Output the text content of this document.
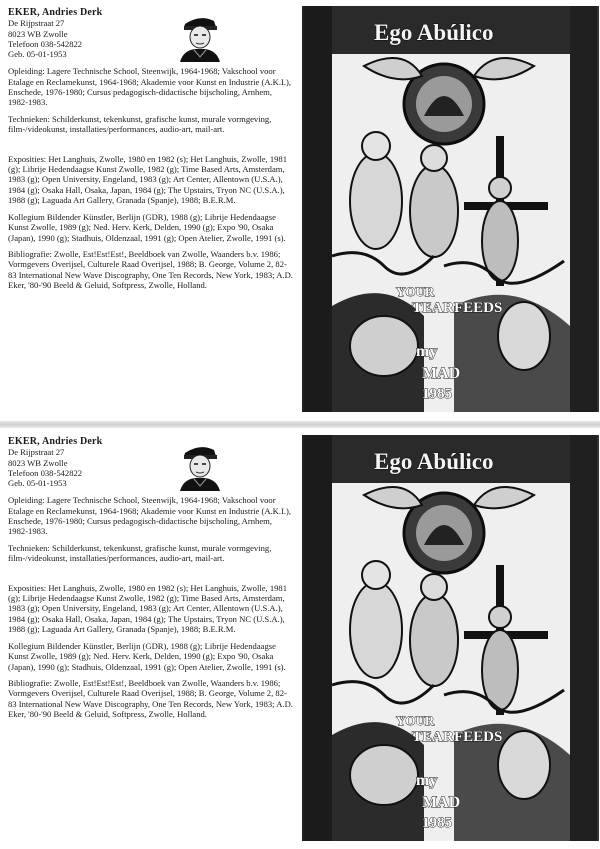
EKER, Andries Derk
De Rijpstraat 27
8023 WB Zwolle
Telefoon 038-542822
Geb. 05-01-1953
Opleiding: Lagere Technische School, Steenwijk, 1964-1968; Vakschool voor Etalage en Reclamekunst, 1964-1968; Akademie voor Kunst en Industrie (A.K.I.), Enschede, 1976-1980; Cursus pedagogisch-didactische bijscholing, Arnhem, 1982-1983.
Technieken: Schilderkunst, tekenkunst, grafische kunst, murale vormgeving, film-/videokunst, installaties/performances, audio-art, mail-art.
Exposities: Het Langhuis, Zwolle, 1980 en 1982 (s); Het Langhuis, Zwolle, 1981 (g); Librije Hedendaagse Kunst Zwolle, 1982 (g); Time Based Arts, Amsterdam, 1983 (g); Open University, Engeland, 1983 (g); Art Center, Allentown (U.S.A.), 1984 (g); Osaka Hall, Osaka, Japan, 1984 (g); The Upstairs, Tryon NC (U.S.A.), 1988 (g); Laguada Art Gallery, Granada (Spanje), 1988; B.E.R.M.
Kollegium Bildender Künstler, Berlijn (GDR), 1988 (g); Librije Hedendaagse Kunst Zwolle, 1989 (g); Ned. Herv. Kerk, Delden, 1990 (g); Expo '90, Osaka (Japan), 1990 (g); Stadhuis, Oldenzaal, 1991 (g); Open Atelier, Zwolle, 1991 (s).
Bibliografie: Zwolle, Est!Est!Est!, Beeldboek van Zwolle, Waanders b.v. 1986; Vormgevers Overijsel, Culturele Raad Overijsel, 1988; B. George, Volume 2, 82-83 International New Wave Discography, One Ten Records, New York, 1983; A.D. Eker, '80-'90 Beeld & Geluid, Softpress, Zwolle, Holland.
Ego Abúlico
YOUR
TEAR FEEDS
my
MAD
1985
EKER, Andries Derk
De Rijpstraat 27
8023 WB Zwolle
Telefoon 038-542822
Geb. 05-01-1953
Opleiding: Lagere Technische School, Steenwijk, 1964-1968; Vakschool voor Etalage en Reclamekunst, 1964-1968; Akademie voor Kunst en Industrie (A.K.I.), Enschede, 1976-1980; Cursus pedagogisch-didactische bijscholing, Arnhem, 1982-1983.
Technieken: Schilderkunst, tekenkunst, grafische kunst, murale vormgeving, film-/videokunst, installaties/performances, audio-art, mail-art.
Exposities: Het Langhuis, Zwolle, 1980 en 1982 (s); Het Langhuis, Zwolle, 1981 (g); Librije Hedendaagse Kunst Zwolle, 1982 (g); Time Based Arts, Amsterdam, 1983 (g); Open University, Engeland, 1983 (g); Art Center, Allentown (U.S.A.), 1984 (g); Osaka Hall, Osaka, Japan, 1984 (g); The Upstairs, Tryon NC (U.S.A.), 1988 (g); Laguada Art Gallery, Granada (Spanje), 1988; B.E.R.M.
Kollegium Bildender Künstler, Berlijn (GDR), 1988 (g); Librije Hedendaagse Kunst Zwolle, 1989 (g); Ned. Herv. Kerk, Delden, 1990 (g); Expo '90, Osaka (Japan), 1990 (g); Stadhuis, Oldenzaal, 1991 (g); Open Atelier, Zwolle, 1991 (s).
Bibliografie: Zwolle, Est!Est!Est!, Beeldboek van Zwolle, Waanders b.v. 1986; Vormgevers Overijsel, Culturele Raad Overijsel, 1988; B. George, Volume 2, 82-83 International New Wave Discography, One Ten Records, New York, 1983; A.D. Eker, '80-'90 Beeld & Geluid, Softpress, Zwolle, Holland.
Ego Abúlico
YOUR
TEAR FEEDS
my
MAD
1985
